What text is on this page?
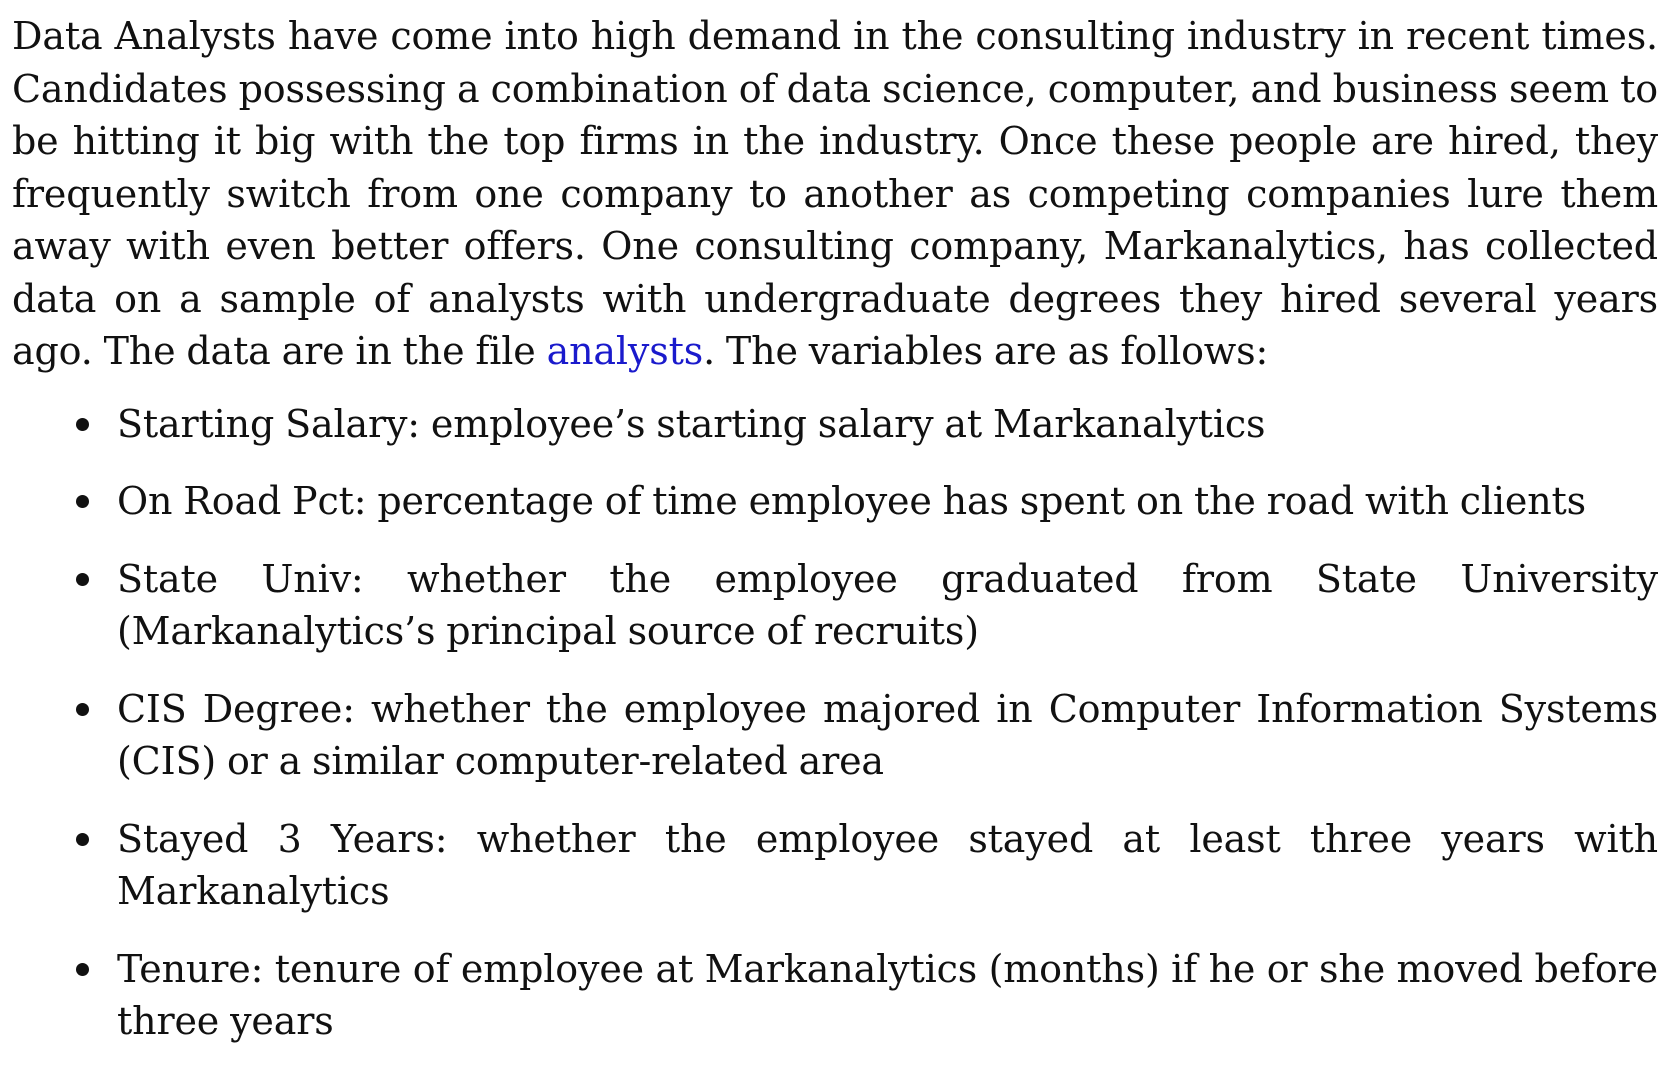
Data Analysts have come into high demand in the consulting industry in recent times. Candidates possessing a combination of data science, computer, and business seem to be hitting it big with the top firms in the industry. Once these people are hired, they frequently switch from one company to another as competing companies lure them away with even better offers. One consulting company, Markanalytics, has collected data on a sample of analysts with undergraduate degrees they hired several years ago. The data are in the file analysts. The variables are as follows:

Starting Salary: employee’s starting salary at Markanalytics
On Road Pct: percentage of time employee has spent on the road with clients
State Univ: whether the employee graduated from State University (Markanalytics’s principal source of recruits)
CIS Degree: whether the employee majored in Computer Information Systems (CIS) or a similar computer-related area
Stayed 3 Years: whether the employee stayed at least three years with Markanalytics
Tenure: tenure of employee at Markanalytics (months) if he or she moved before three years
